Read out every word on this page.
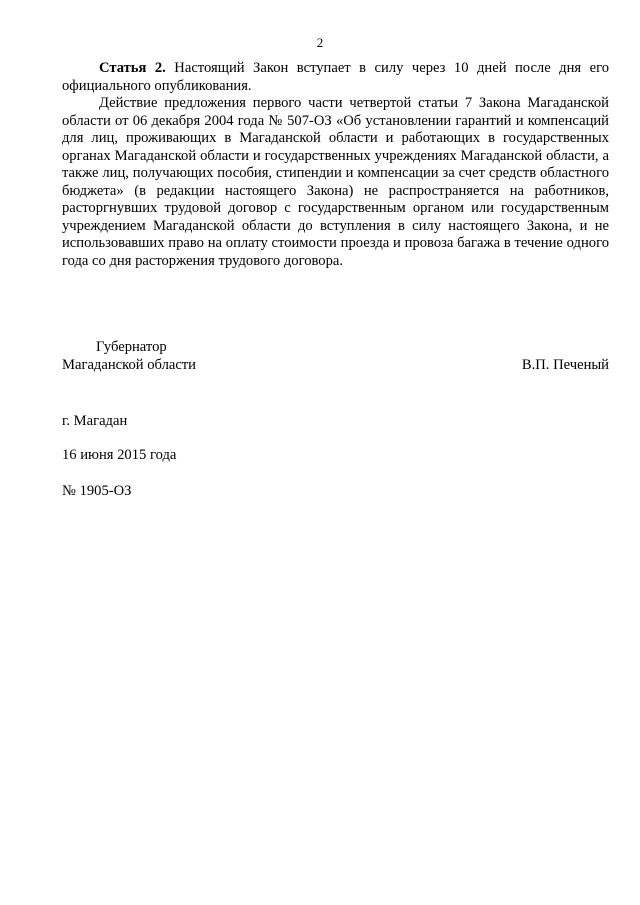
2

Статья 2. Настоящий Закон вступает в силу через 10 дней после дня его официального опубликования.

Действие предложения первого части четвертой статьи 7 Закона Магаданской области от 06 декабря 2004 года № 507-ОЗ «Об установлении гарантий и компенсаций для лиц, проживающих в Магаданской области и работающих в государственных органах Магаданской области и государственных учреждениях Магаданской области, а также лиц, получающих пособия, стипендии и компенсации за счет средств областного бюджета» (в редакции настоящего Закона) не распространяется на работников, расторгнувших трудовой договор с государственным органом или государственным учреждением Магаданской области до вступления в силу настоящего Закона, и не использовавших право на оплату стоимости проезда и провоза багажа в течение одного года со дня расторжения трудового договора.

Губернатор
Магаданской области	В.П. Печеный
г. Магадан
16 июня 2015 года
№ 1905-ОЗ
